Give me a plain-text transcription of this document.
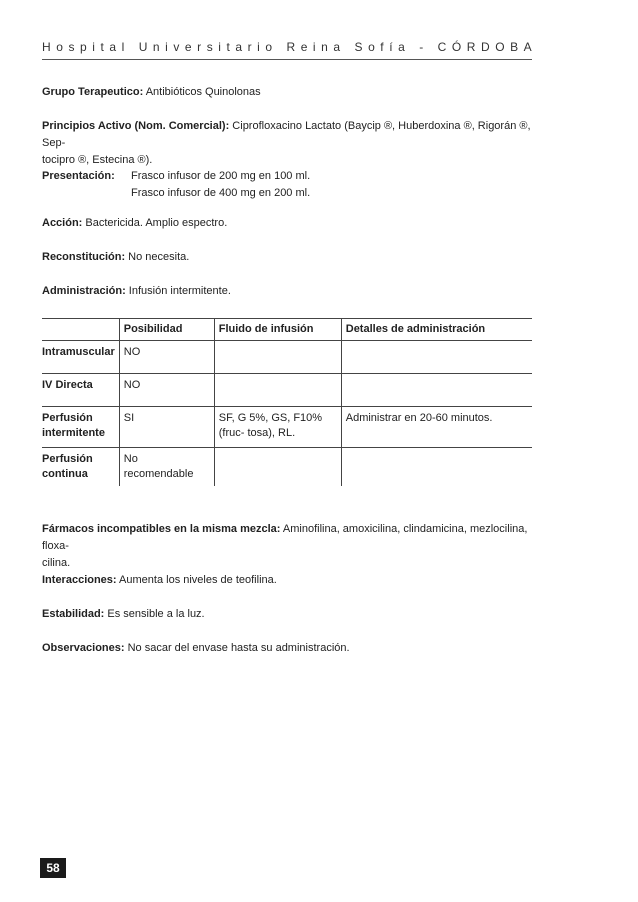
H o s p i t a l
U n i v e r s i t a r i o
R e i n a
S o f í a
-
C Ó R D O B A
Grupo Terapeutico: Antibióticos Quinolonas
Principios Activo (Nom. Comercial): Ciprofloxacino Lactato (Baycip ®, Huberdoxina ®, Rigorán ®, Sep-
tocipro ®, Estecina ®).
Presentación:	Frasco infusor de 200 mg en 100 ml.
Frasco infusor de 400 mg en 200 ml.
Acción: Bactericida. Amplio espectro.
Reconstitución: No necesita.
Administración: Infusión intermitente.
	Posibilidad	Fluido de infusión	Detalles de administración
Intramuscular	NO		
IV Directa	NO		
Perfusión intermitente	SI	SF, G 5%, GS, F10% (fruc- tosa), RL.	Administrar en 20-60 minutos.
Perfusión continua	No recomendable		
Fármacos incompatibles en la misma mezcla: Aminofilina, amoxicilina, clindamicina, mezlocilina, floxa-
cilina.
Interacciones: Aumenta los niveles de teofilina.
Estabilidad: Es sensible a la luz.
Observaciones: No sacar del envase hasta su administración.
58
